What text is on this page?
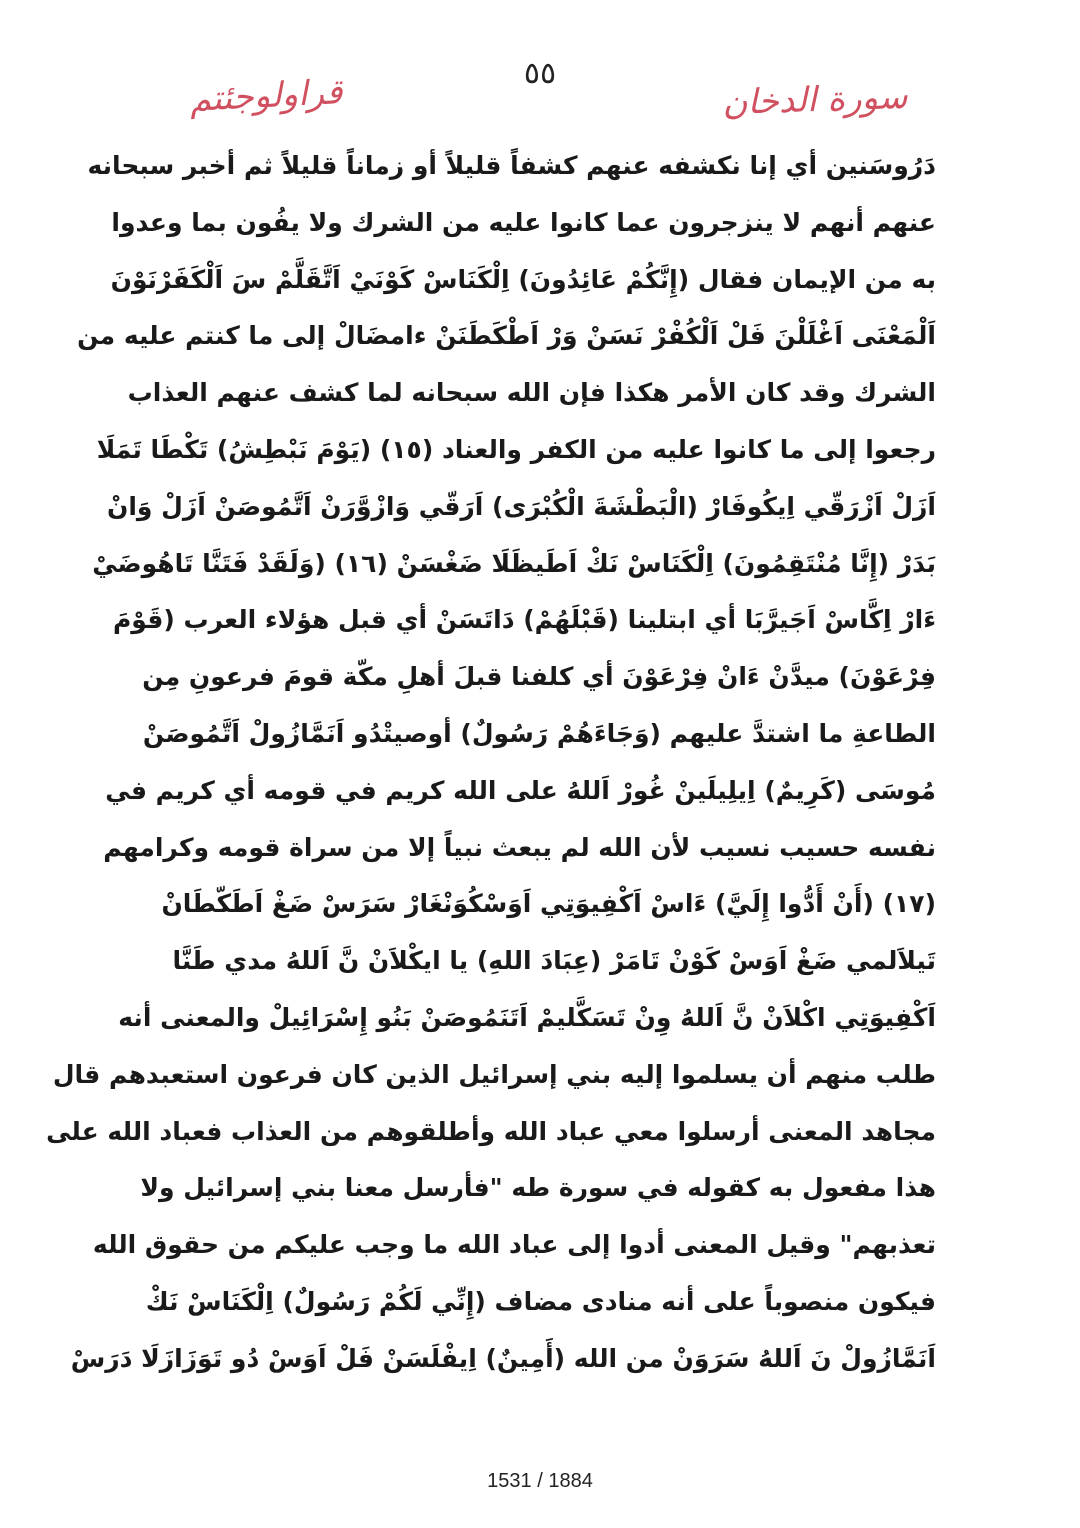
٥٥
قراولوجئتم	سورة الدخان
دَرُوسَنين أي إنا نكشفه عنهم كشفاً قليلاً أو زماناً قليلاً ثم أخبر سبحانه
عنهم أنهم لا ينزجرون عما كانوا عليه من الشرك ولا يفُون بما وعدوا
به من الإيمان فقال (إِنَّكُمْ عَائِدُونَ) اِلْكَنَاسْ كَوْنَيْ اَتَّقَلَّمْ سَ اَلْكَفَرْنَوْنَ
اَلْمَعْنَى اَغْلَلْنَ فَلْ اَلْكُفْرْ نَسَنْ وَرْ اَطْكَطَنَنْ ءامضَالْ إلى ما كنتم عليه من
الشرك وقد كان الأمر هكذا فإن الله سبحانه لما كشف عنهم العذاب
رجعوا إلى ما كانوا عليه من الكفر والعناد (١٥) (يَوْمَ نَبْطِشُ) تَكْطَا تَمَلَا
اَزَلْ اَزْرَقّي اِيكُوفَارْ (الْبَطْشَةَ الْكُبْرَى) اَرَقّي وَازْوَّرَنْ اَتَّمُوصَنْ اَزَلْ وَانْ
بَدَرْ (إِنَّا مُنْتَقِمُونَ) اِلْكَنَاسْ نَكْ اَطَيظَلَا ضَغْسَنْ (١٦) (وَلَقَدْ فَتَنَّا تَاهُوضَيْ
ءَارْ اِكَّاسْ اَجَيرَّبَا أي ابتلينا (قَبْلَهُمْ) دَاتَسَنْ أي قبل هؤلاء العرب (قَوْمَ
فِرْعَوْنَ) ميدَّنْ ءَانْ فِرْعَوْنَ أي كلفنا قبلَ أهلِ مكّة قومَ فرعونِ مِن
الطاعةِ ما اشتدَّ عليهم (وَجَاءَهُمْ رَسُولٌ) أوصيتْدُو اَنَمَّازُولْ اَتَّمُوصَنْ
مُوسَى (كَرِيمٌ) اِيلِيلَينْ غُورْ اَللهُ على الله كريم في قومه أي كريم في
نفسه حسيب نسيب لأن الله لم يبعث نبياً إلا من سراة قومه وكرامهم
(١٧) (أَنْ أَدُّوا إِلَيَّ) ءَاسْ اَكْفِيوَتِي اَوَسْكُوَنْغَارْ سَرَسْ ضَغْ اَطَكّطَانْ
تَيلاَلمي ضَغْ اَوَسْ كَوْنْ تَامَرْ (عِبَادَ اللهِ) يا ايكْلاَنْ نَّ اَللهُ مدي طَنَّا
اَكْفِيوَتِي اكْلاَنْ نَّ اَللهُ وِنْ تَسَكَّليمْ اَتَنَمُوصَنْ بَنُو إِسْرَائِيلْ والمعنى أنه
طلب منهم أن يسلموا إليه بني إسرائيل الذين كان فرعون استعبدهم قال
مجاهد المعنى أرسلوا معي عباد الله وأطلقوهم من العذاب فعباد الله على
هذا مفعول به كقوله في سورة طه "فأرسل معنا بني إسرائيل ولا
تعذبهم" وقيل المعنى أدوا إلى عباد الله ما وجب عليكم من حقوق الله
فيكون منصوباً على أنه منادى مضاف (إِنِّي لَكُمْ رَسُولٌ) اِلْكَنَاسْ نَكْ
اَنَمَّازُولْ نَ اَللهُ سَرَوَنْ من الله (أَمِينٌ) اِيفْلَسَنْ فَلْ اَوَسْ دُو تَوَزَازَلَا دَرَسْ
1531 / 1884
